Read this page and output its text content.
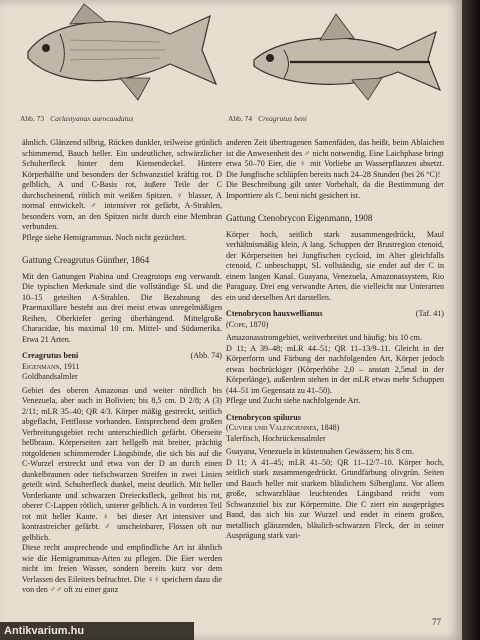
Abb. 73 Carlastyanax aurocaudatus	Abb. 74 Creagrutus beni

ähnlich. Glänzend silbrig, Rücken dunkler, teilweise grünlich schimmernd, Bauch heller. Ein undeutlicher, schwärzlicher Schulterfleck hinter dem Kiemendeckel. Hintere Körperhälfte und besonders der Schwanzstiel kräftig rot. D gelblich, A und C-Basis rot, äußere Teile der C durchscheinend, rötlich mit weißen Spitzen. ♀ blasser, A normal entwickelt. ♂ intensiver rot gefärbt, A-Strahlen, besonders vorn, an den Spitzen nicht durch eine Membran verbunden.

Pflege siehe Hemigrammus. Noch nicht gezüchtet.

Gattung Creagrutus Günther, 1864

Mit den Gattungen Piabina und Creagrutops eng verwandt. Die typischen Merkmale sind die vollständige SL und die 10–15 geteilten A-Strahlen. Die Bezahnung des Praemaxillare besteht aus drei meist etwas unregelmäßigen Reihen, Oberkiefer gering überhängend. Mittelgroße Characidae, bis maximal 10 cm. Mittel- und Südamerika. Etwa 21 Arten.

Creagrutus beni	(Abb. 74)

Eigenmann, 1911

Goldbandsalmler

Gebiet des oberen Amazonas und weiter nördlich bis Venezuela, aber auch in Bolivien; bis 8,5 cm. D 2/8; A (3) 2/11; mLR 35–40; QR 4/3. Körper mäßig gestreckt, seitlich abgeflacht, Fettflosse vorhanden. Entsprechend dem großen Verbreitungsgebiet recht unterschiedlich gefärbt. Oberseite hellbraun. Körperseiten zart hellgelb mit breiter, prächtig rotgoldenen schimmernder Längsbinde, die sich bis auf die C-Wurzel erstreckt und etwa von der D an durch einen dunkelbraunen oder tiefschwarzen Streifen in zwei Linien geteilt wird. Schulterfleck dunkel, meist deutlich. Mit heller Vorderkante und schwarzen Dreiecksfleck, gelbrot bis rot, oberer C-Lappen rötlich, unterer gelblich. A in vorderen Teil rot mit heller Kante. ♀ bei dieser Art intensiver und kontrastreicher gefärbt. ♂ unscheinbarer, Flossen oft nur gelblich.

Diese recht ansprechende und empfindliche Art ist ähnlich wie die Hemigrammus-Arten zu pflegen. Die Eier werden nicht im freien Wasser, sondern bereits kurz vor dem Verlassen des Eileiters befruchtet. Die ♀♀ speichern dazu die von den ♂♂ oft zu einer ganz

anderen Zeit übertragenen Samenfäden, das heißt, beim Ablaichen ist die Anwesenheit des ♂ nicht notwendig. Eine Laichphase bringt etwa 50–70 Eier, die ♀ mit Vorliebe an Wasserpflanzen absetzt. Die Jungfische schlüpfen bereits nach 24–28 Stunden (bei 26 °C)!

Die Beschreibung gilt unter Vorbehalt, da die Bestimmung der Importtiere als C. beni nicht gesichert ist.

Gattung Ctenobrycon Eigenmann, 1908

Körper hoch, seitlich stark zusammengedrückt, Maul verhältnismäßig klein, A lang. Schuppen der Brustregion ctenoid, der Körperseiten bei Jungfischen cycloid, im Alter gleichfalls ctenoid, C unbeschuppt, SL vollständig, sie endet auf der C in einem langen Kanal. Guayana, Venezuela, Amazonassystem, Rio Paraguay. Drei eng verwandte Arten, die vielleicht nur Unterarten ein und derselben Art darstellen.

Ctenobrycon hauxwellianus	(Taf. 41)

(Cope, 1870)

Amazonasstromgebiet, weitverbreitet und häufig; bis 10 cm.

D 11; A 39–48; mLR 44–51; QR 11–13/9–11. Gleicht in der Körperform und Färbung der nachfolgenden Art, Körper jedoch etwas hochrückiger (Körperhöhe 2,0 – anstatt 2,5mal in der Körperlänge), außerdem stehen in der mLR etwas mehr Schuppen (44–51 im Gegensatz zu 41–50).

Pflege und Zucht siehe nachfolgende Art.

Ctenobrycon spilurus

(Cuvier und Valenciennes, 1848)

Talerfisch, Hochrückensalmler

Guayana, Venezuela in küstennahen Gewässern; bis 8 cm.

D 11; A 41–45; mLR 41–50; QR 11–12/7–10. Körper hoch, seitlich stark zusammengedrückt. Grundfärbung olivgrün. Seiten und Bauch heller mit starkem bläulichem Silberglanz. Vor allem große, schwarzbläue leuchtendes Längsband reicht vom Schwanzstiel bis zur Körpermitte. Die C ziert ein ausgeprägtes Band, das sich bis zur Wurzel und endet in einem großen, metallisch glänzenden, bläulich-schwarzen Fleck, der in seiner Ausprägung stark vari-

77
Antikvarium.hu
